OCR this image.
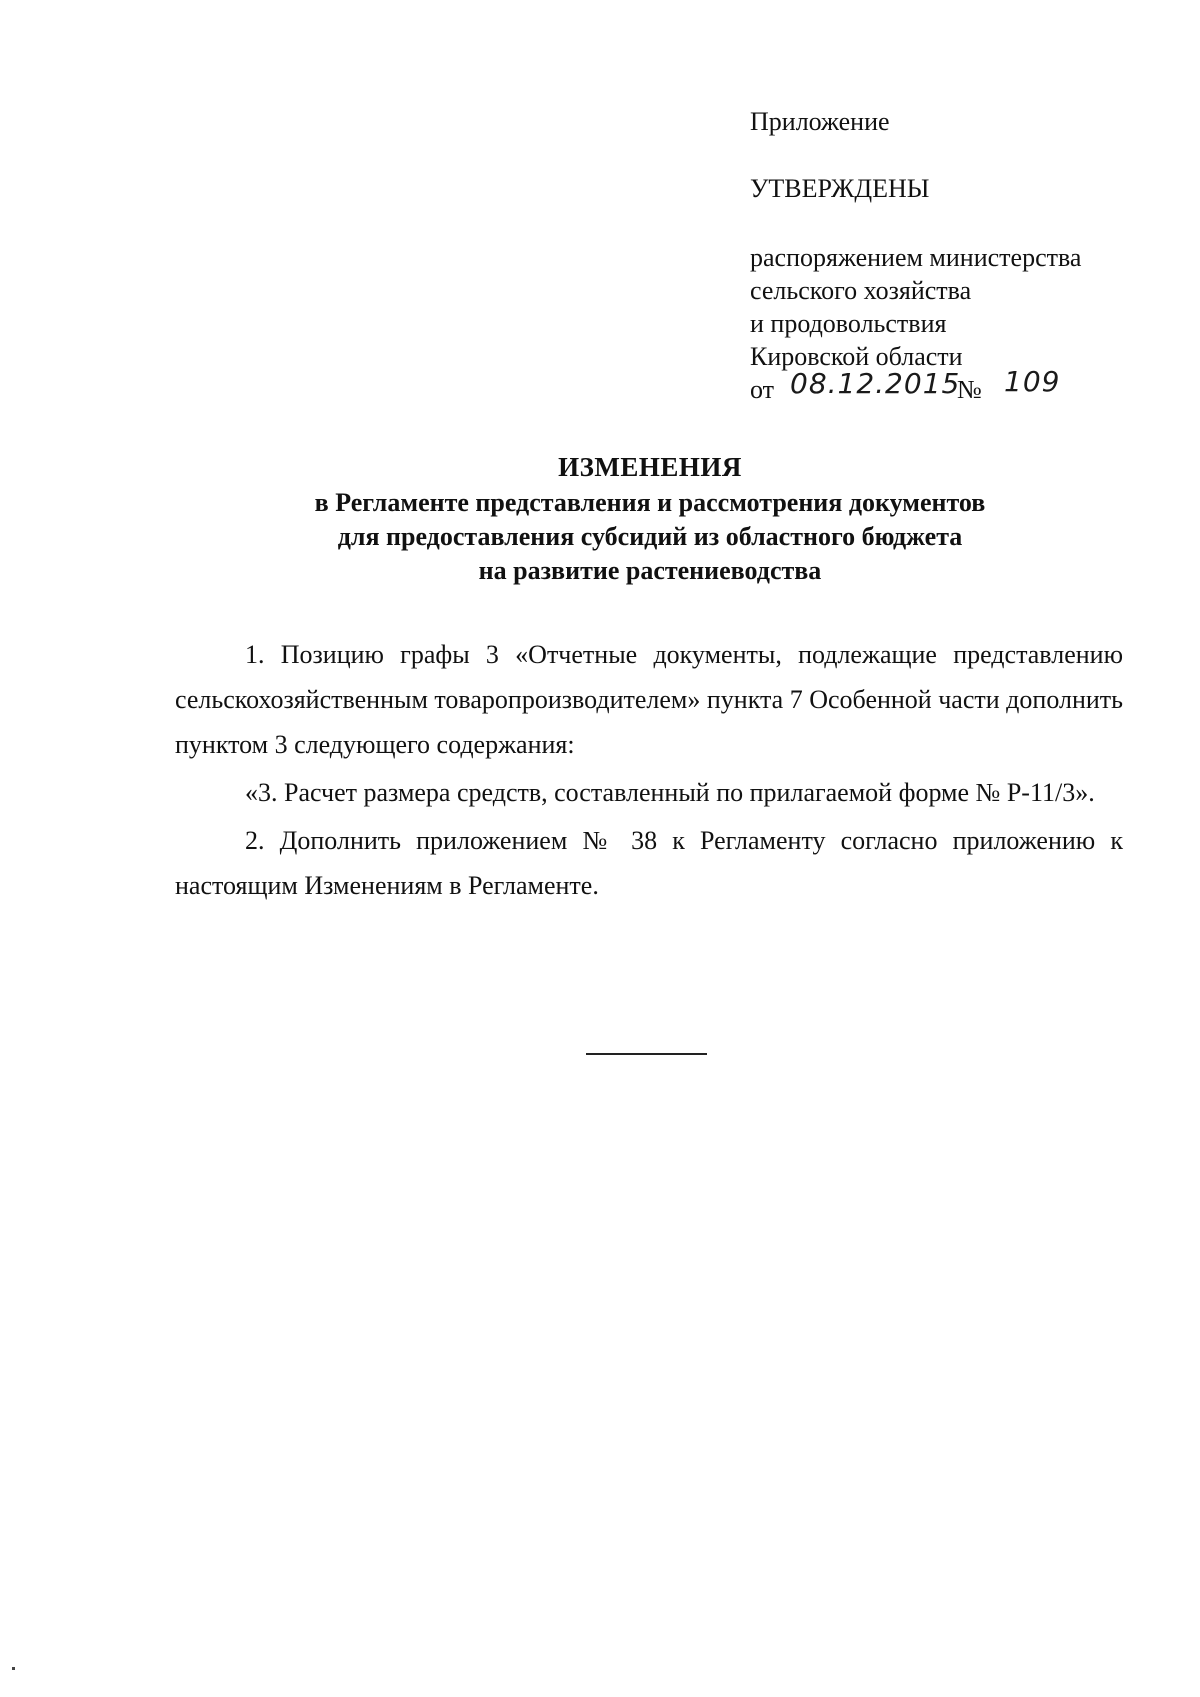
Приложение
УТВЕРЖДЕНЫ
распоряжением министерства
сельского хозяйства
и продовольствия
Кировской области
от 08.12.2015
№ 109
ИЗМЕНЕНИЯ
в Регламенте представления и рассмотрения документов
для предоставления субсидий из областного бюджета
на развитие растениеводства

1. Позицию графы 3 «Отчетные документы, подлежащие представлению сельскохозяйственным товаропроизводителем» пункта 7 Особенной части дополнить пунктом 3 следующего содержания:

«3. Расчет размера средств, составленный по прилагаемой форме № Р-11/3».

2. Дополнить приложением № 38 к Регламенту согласно приложению к настоящим Изменениям в Регламенте.
